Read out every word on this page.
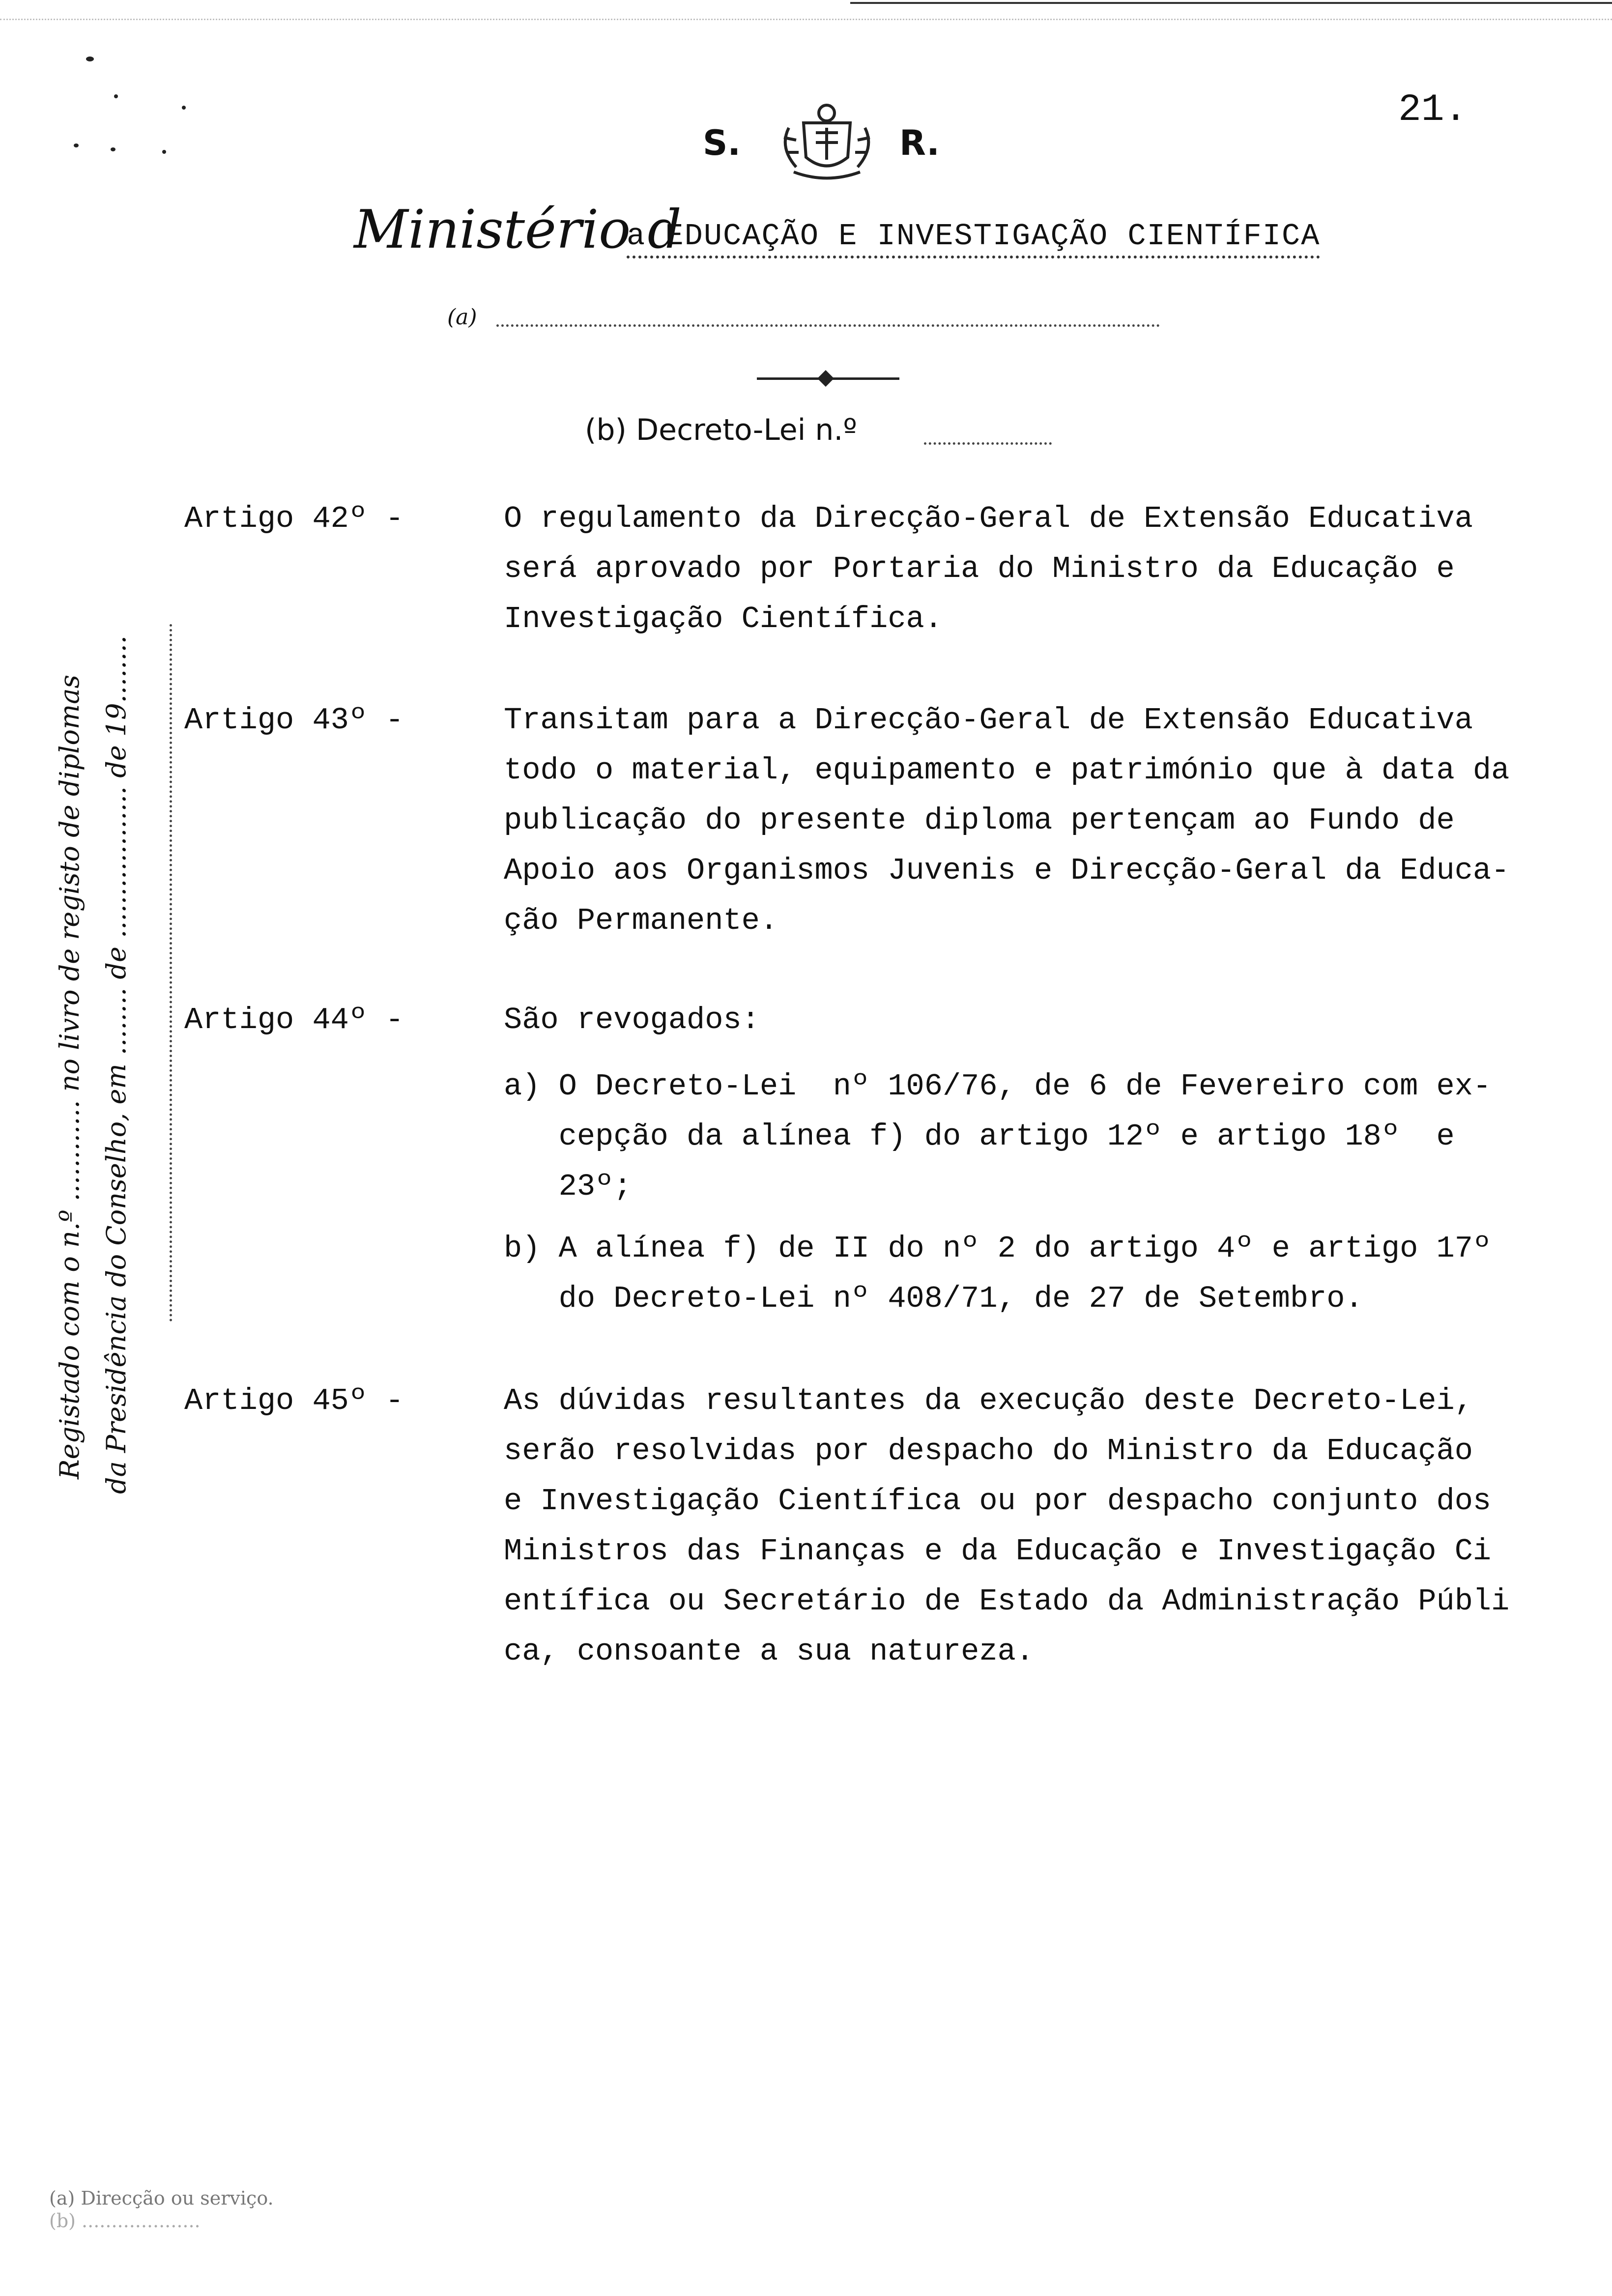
S.	R.
21.
Ministério d
a EDUCAÇÃO E INVESTIGAÇÃO CIENTÍFICA
(a)
(b) Decreto-Lei n.º
Artigo 42º -	O regulamento da Direcção-Geral de Extensão Educativa
será aprovado por Portaria do Ministro da Educação e
Investigação Científica.
Artigo 43º -	Transitam para a Direcção-Geral de Extensão Educativa
todo o material, equipamento e património que à data da
publicação do presente diploma pertençam ao Fundo de
Apoio aos Organismos Juvenis e Direcção-Geral da Educa-
ção Permanente.
Artigo 44º -	São revogados:
a) O Decreto-Lei  nº 106/76, de 6 de Fevereiro com ex-
cepção da alínea f) do artigo 12º e artigo 18º  e
23º;
b) A alínea f) de II do nº 2 do artigo 4º e artigo 17º
do Decreto-Lei nº 408/71, de 27 de Setembro.
Artigo 45º -	As dúvidas resultantes da execução deste Decreto-Lei,
serão resolvidas por despacho do Ministro da Educação
e Investigação Científica ou por despacho conjunto dos
Ministros das Finanças e da Educação e Investigação Ci
entífica ou Secretário de Estado da Administração Públi
ca, consoante a sua natureza.
Registado com o n.º ............ no livro de registo de diplomas da Presidência do Conselho, em ........ de .................. de 19........
(a) Direcção ou serviço.
(b) ....................
